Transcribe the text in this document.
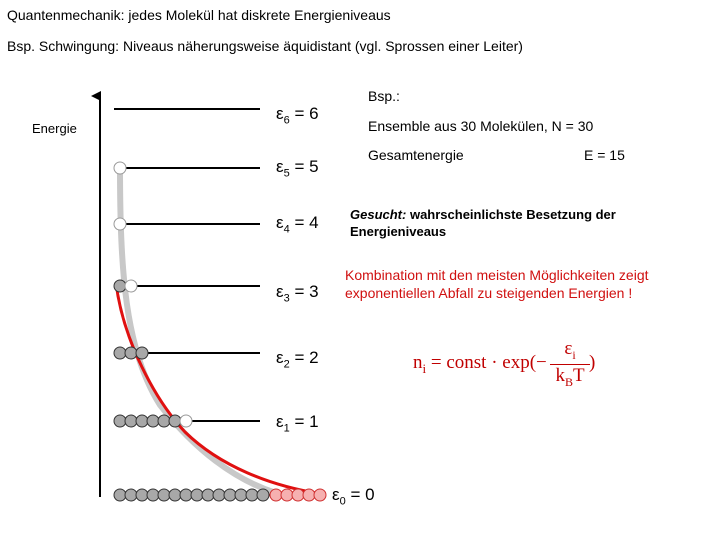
Quantenmechanik: jedes Molekül hat diskrete Energieniveaus
Bsp. Schwingung: Niveaus näherungsweise äquidistant (vgl. Sprossen einer Leiter)
Energie
$\varepsilon_6 = 6$
$\varepsilon_5 = 5$
$\varepsilon_4 = 4$
$\varepsilon_3 = 3$
$\varepsilon_2 = 2$
$\varepsilon_1 = 1$
$\varepsilon_0 = 0$
Bsp.:
Ensemble aus 30 Molekülen, N = 30
Gesamtenergie	E = 15
Gesucht: wahrscheinlichste Besetzung der
Energieniveaus
Kombination mit den meisten Möglichkeiten zeigt
exponentiellen Abfall zu steigenden Energien !
$n_i$ = const · exp(−
$\varepsilon_i$
$k_BT$
)
